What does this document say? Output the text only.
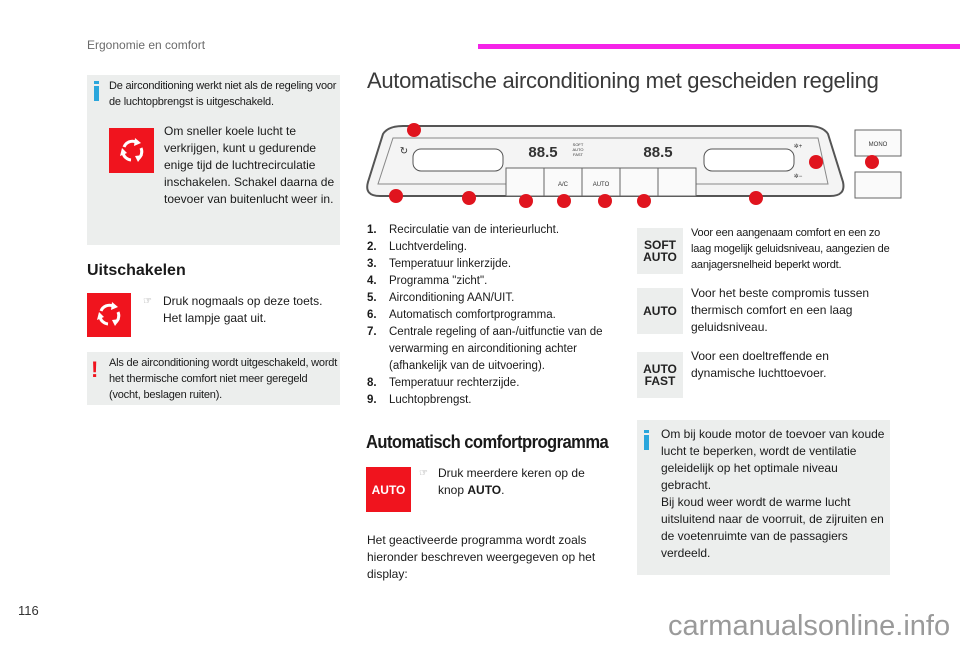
Ergonomie en comfort
De airconditioning werkt niet als de regeling voor de luchtopbrengst is uitgeschakeld.
Om sneller koele lucht te verkrijgen, kunt u gedurende enige tijd de luchtrecirculatie inschakelen. Schakel daarna de toevoer van buitenlucht weer in.
Uitschakelen
☞ Druk nogmaals op deze toets. Het lampje gaat uit.
! Als de airconditioning wordt uitgeschakeld, wordt het thermische comfort niet meer geregeld (vocht, beslagen ruiten).
Automatische airconditioning met gescheiden regeling
A/C	AUTO
MONO
88.5	88.5
SOFT
AUTO
FAST
↻	✲+
✲−
1. Recirculatie van de interieurlucht.
2. Luchtverdeling.
3. Temperatuur linkerzijde.
4. Programma "zicht".
5. Airconditioning AAN/UIT.
6. Automatisch comfortprogramma.
7. Centrale regeling of aan-/uitfunctie van de verwarming en airconditioning achter (afhankelijk van de uitvoering).
8. Temperatuur rechterzijde.
9. Luchtopbrengst.
Automatisch comfortprogramma
AUTO
☞ Druk meerdere keren op de knop AUTO.
Het geactiveerde programma wordt zoals hieronder beschreven weergegeven op het display:
SOFT
AUTO
Voor een aangenaam comfort en een zo laag mogelijk geluidsniveau, aangezien de aanjagersnelheid beperkt wordt.
AUTO
Voor het beste compromis tussen thermisch comfort en een laag geluidsniveau.
AUTO
FAST
Voor een doeltreffende en dynamische luchttoevoer.
Om bij koude motor de toevoer van koude lucht te beperken, wordt de ventilatie geleidelijk op het optimale niveau gebracht.
Bij koud weer wordt de warme lucht uitsluitend naar de voorruit, de zijruiten en de voetenruimte van de passagiers verdeeld.
116	carmanualsonline.info
